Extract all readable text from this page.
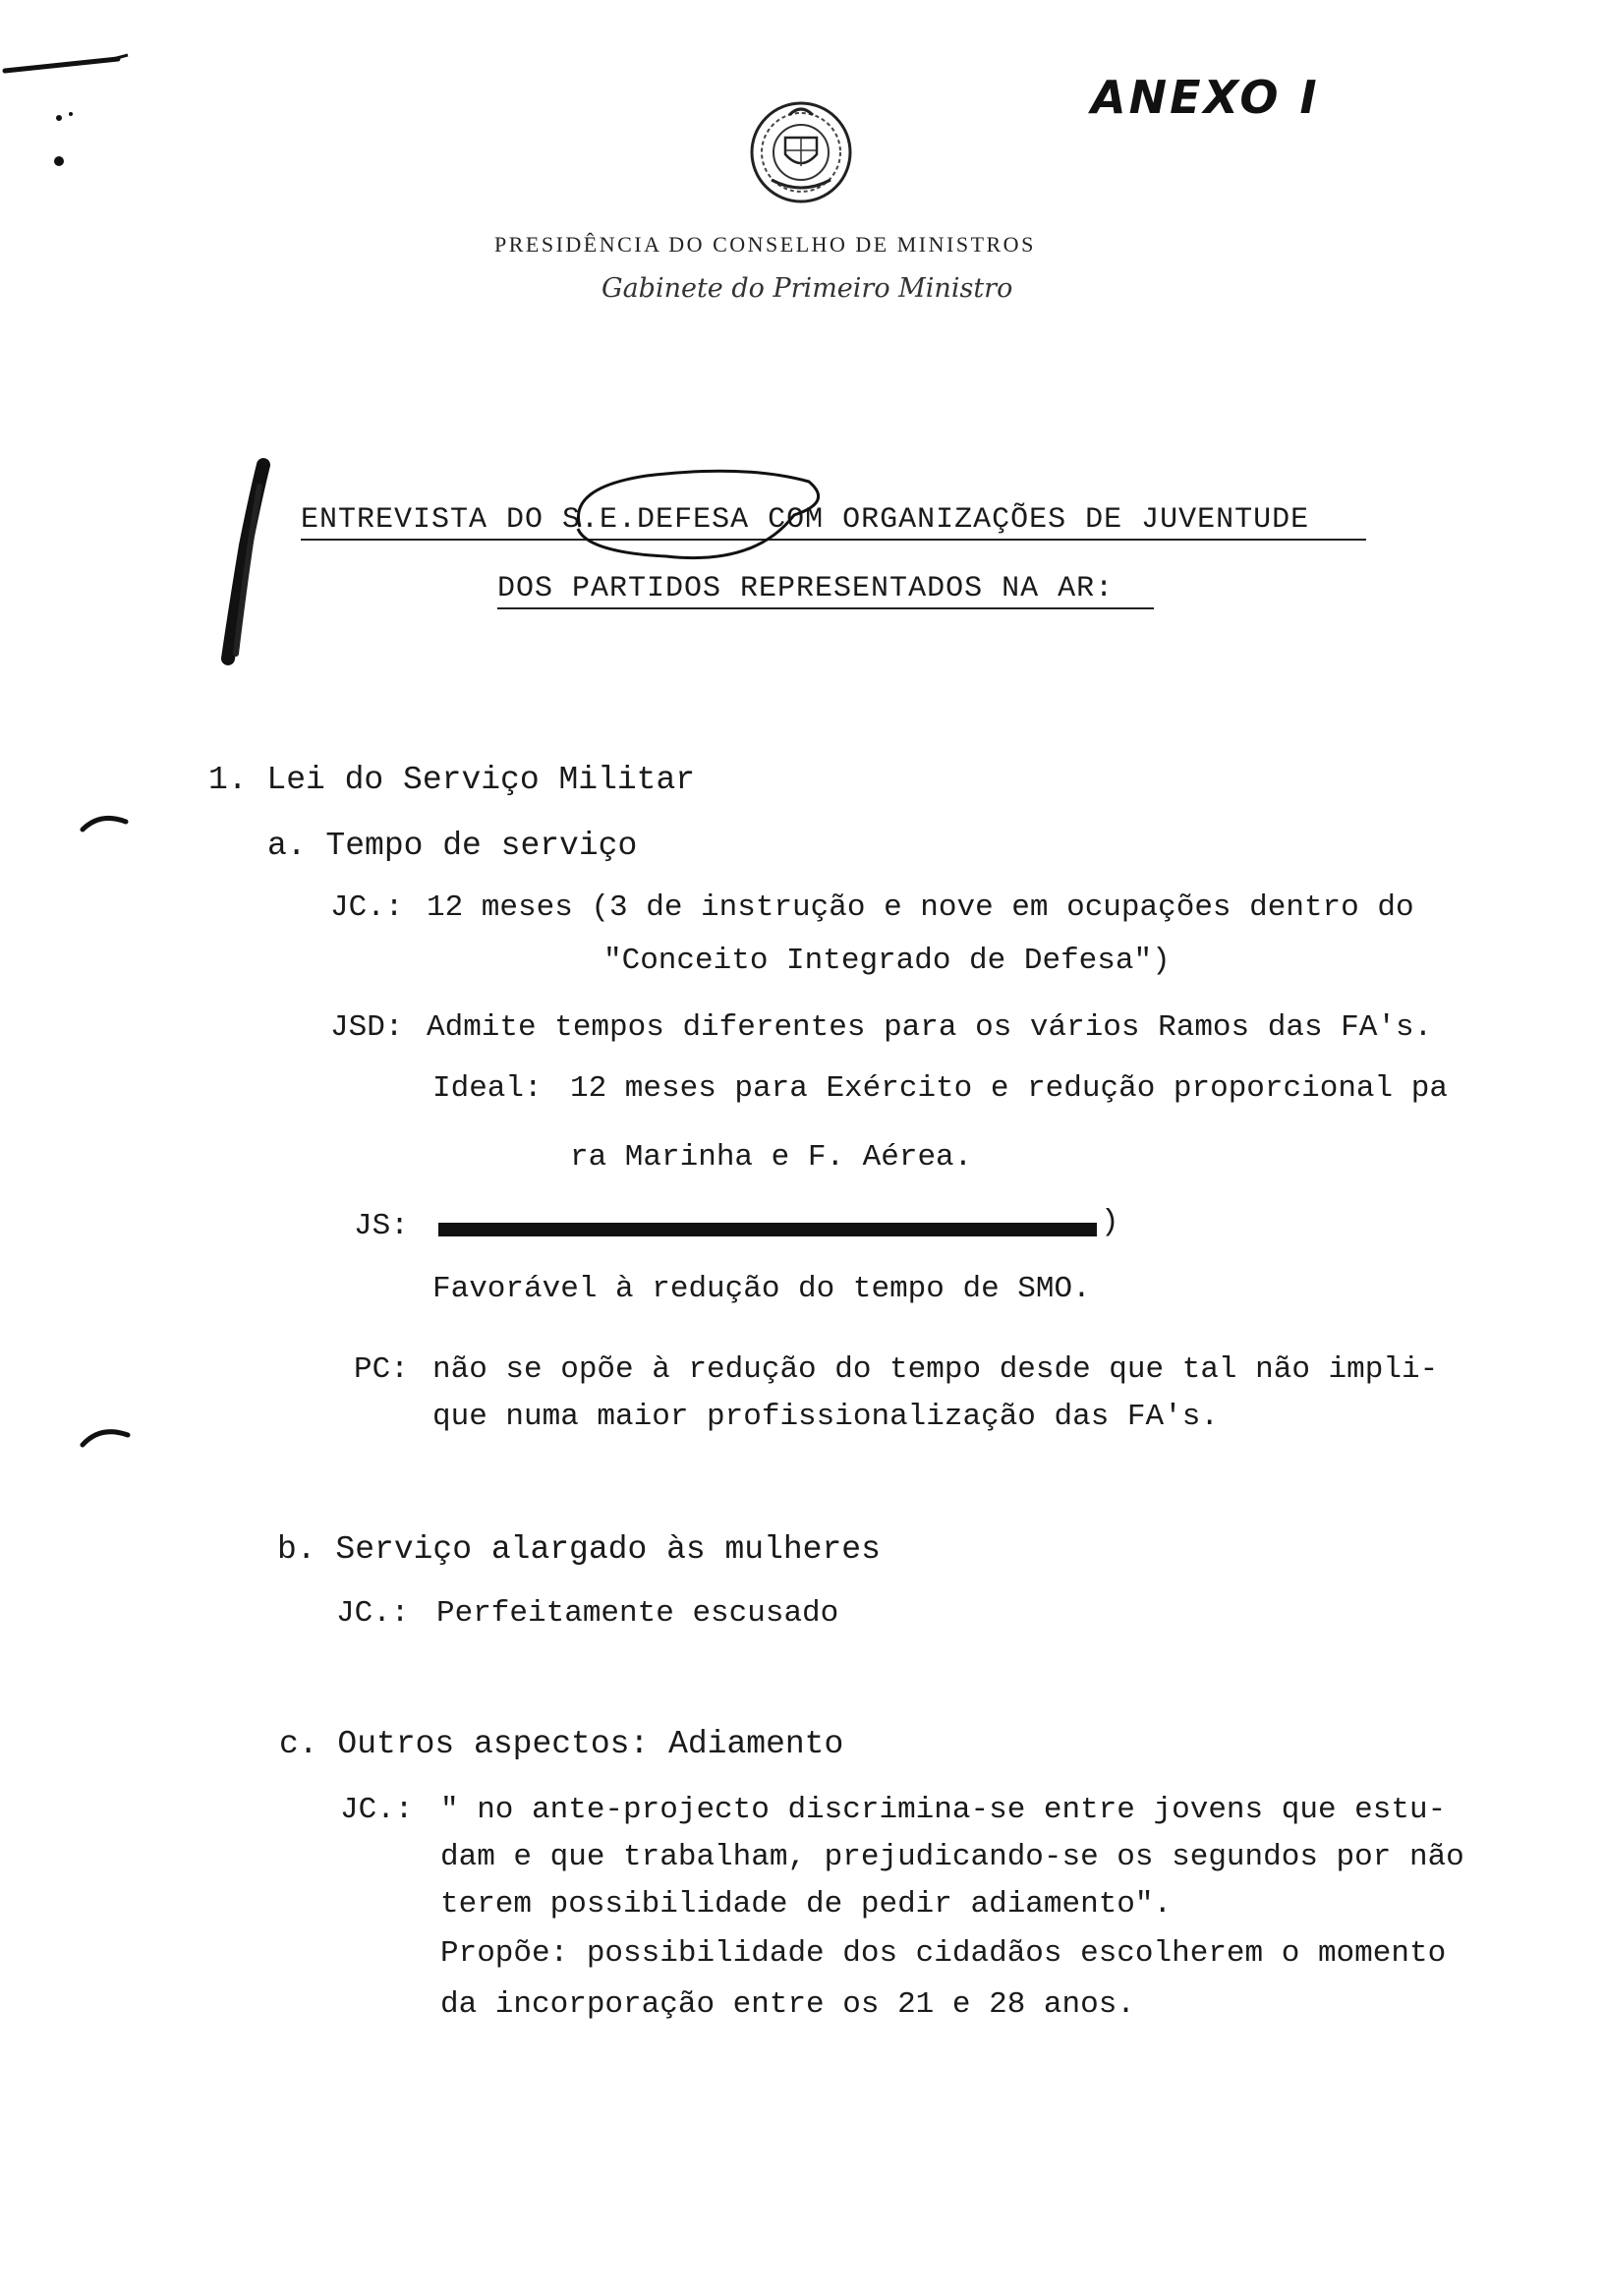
ANEXO I
PRESIDÊNCIA DO CONSELHO DE MINISTROS
Gabinete do Primeiro Ministro
ENTREVISTA DO S.E.DEFESA COM ORGANIZAÇÕES DE JUVENTUDE
DOS PARTIDOS REPRESENTADOS NA AR:
1. Lei do Serviço Militar
a. Tempo de serviço
JC.: 12 meses (3 de instrução e nove em ocupações dentro do
"Conceito Integrado de Defesa")
JSD: Admite tempos diferentes para os vários Ramos das FA's.
Ideal: 12 meses para Exército e redução proporcional pa
ra Marinha e F. Aérea.
JS:	)
Favorável à redução do tempo de SMO.
PC: não se opõe à redução do tempo desde que tal não impli-
que numa maior profissionalização das FA's.
b. Serviço alargado às mulheres
JC.: Perfeitamente escusado
c. Outros aspectos: Adiamento
JC.: " no ante-projecto discrimina-se entre jovens que estu-
dam e que trabalham, prejudicando-se os segundos por não
terem possibilidade de pedir adiamento".
Propõe: possibilidade dos cidadãos escolherem o momento
da incorporação entre os 21 e 28 anos.
